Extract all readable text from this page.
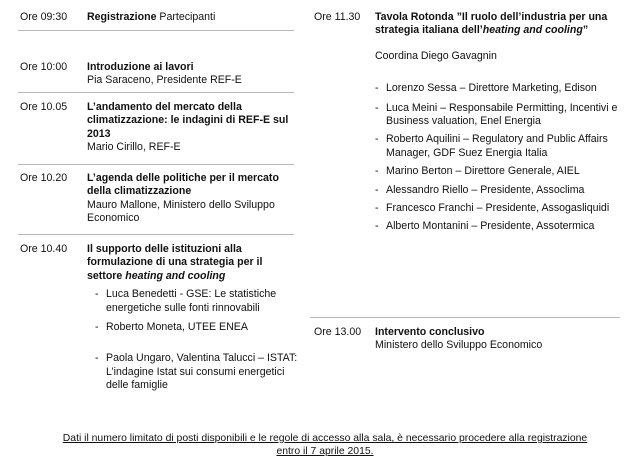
Ore 09:30 Registrazione Partecipanti
Ore 10:00 Introduzione ai lavori
Pia Saraceno, Presidente REF-E
Ore 10.05 L’andamento del mercato della climatizzazione: le indagini di REF-E sul 2013
Mario Cirillo, REF-E
Ore 10.20 L’agenda delle politiche per il mercato della climatizzazione
Mauro Mallone, Ministero dello Sviluppo Economico
Ore 10.40 Il supporto delle istituzioni alla formulazione di una strategia per il settore heating and cooling
- Luca Benedetti - GSE: Le statistiche energetiche sulle fonti rinnovabili
- Roberto Moneta, UTEE ENEA
- Paola Ungaro, Valentina Talucci – ISTAT: L’indagine Istat sui consumi energetici delle famiglie
Ore 11.30 Tavola Rotonda ”Il ruolo dell’industria per una strategia italiana dell’heating and cooling”
Coordina Diego Gavagnin
- Lorenzo Sessa – Direttore Marketing, Edison
- Luca Meini – Responsabile Permitting, Incentivi e Business valuation, Enel Energia
- Roberto Aquilini – Regulatory and Public Affairs Manager, GDF Suez Energia Italia
- Marino Berton – Direttore Generale, AIEL
- Alessandro Riello – Presidente, Assoclima
- Francesco Franchi – Presidente, Assogasliquidi
- Alberto Montanini – Presidente, Assotermica
Ore 13.00 Intervento conclusivo
Ministero dello Sviluppo Economico
Dati il numero limitato di posti disponibili e le regole di accesso alla sala, è necessario procedere alla registrazione entro il 7 aprile 2015.
